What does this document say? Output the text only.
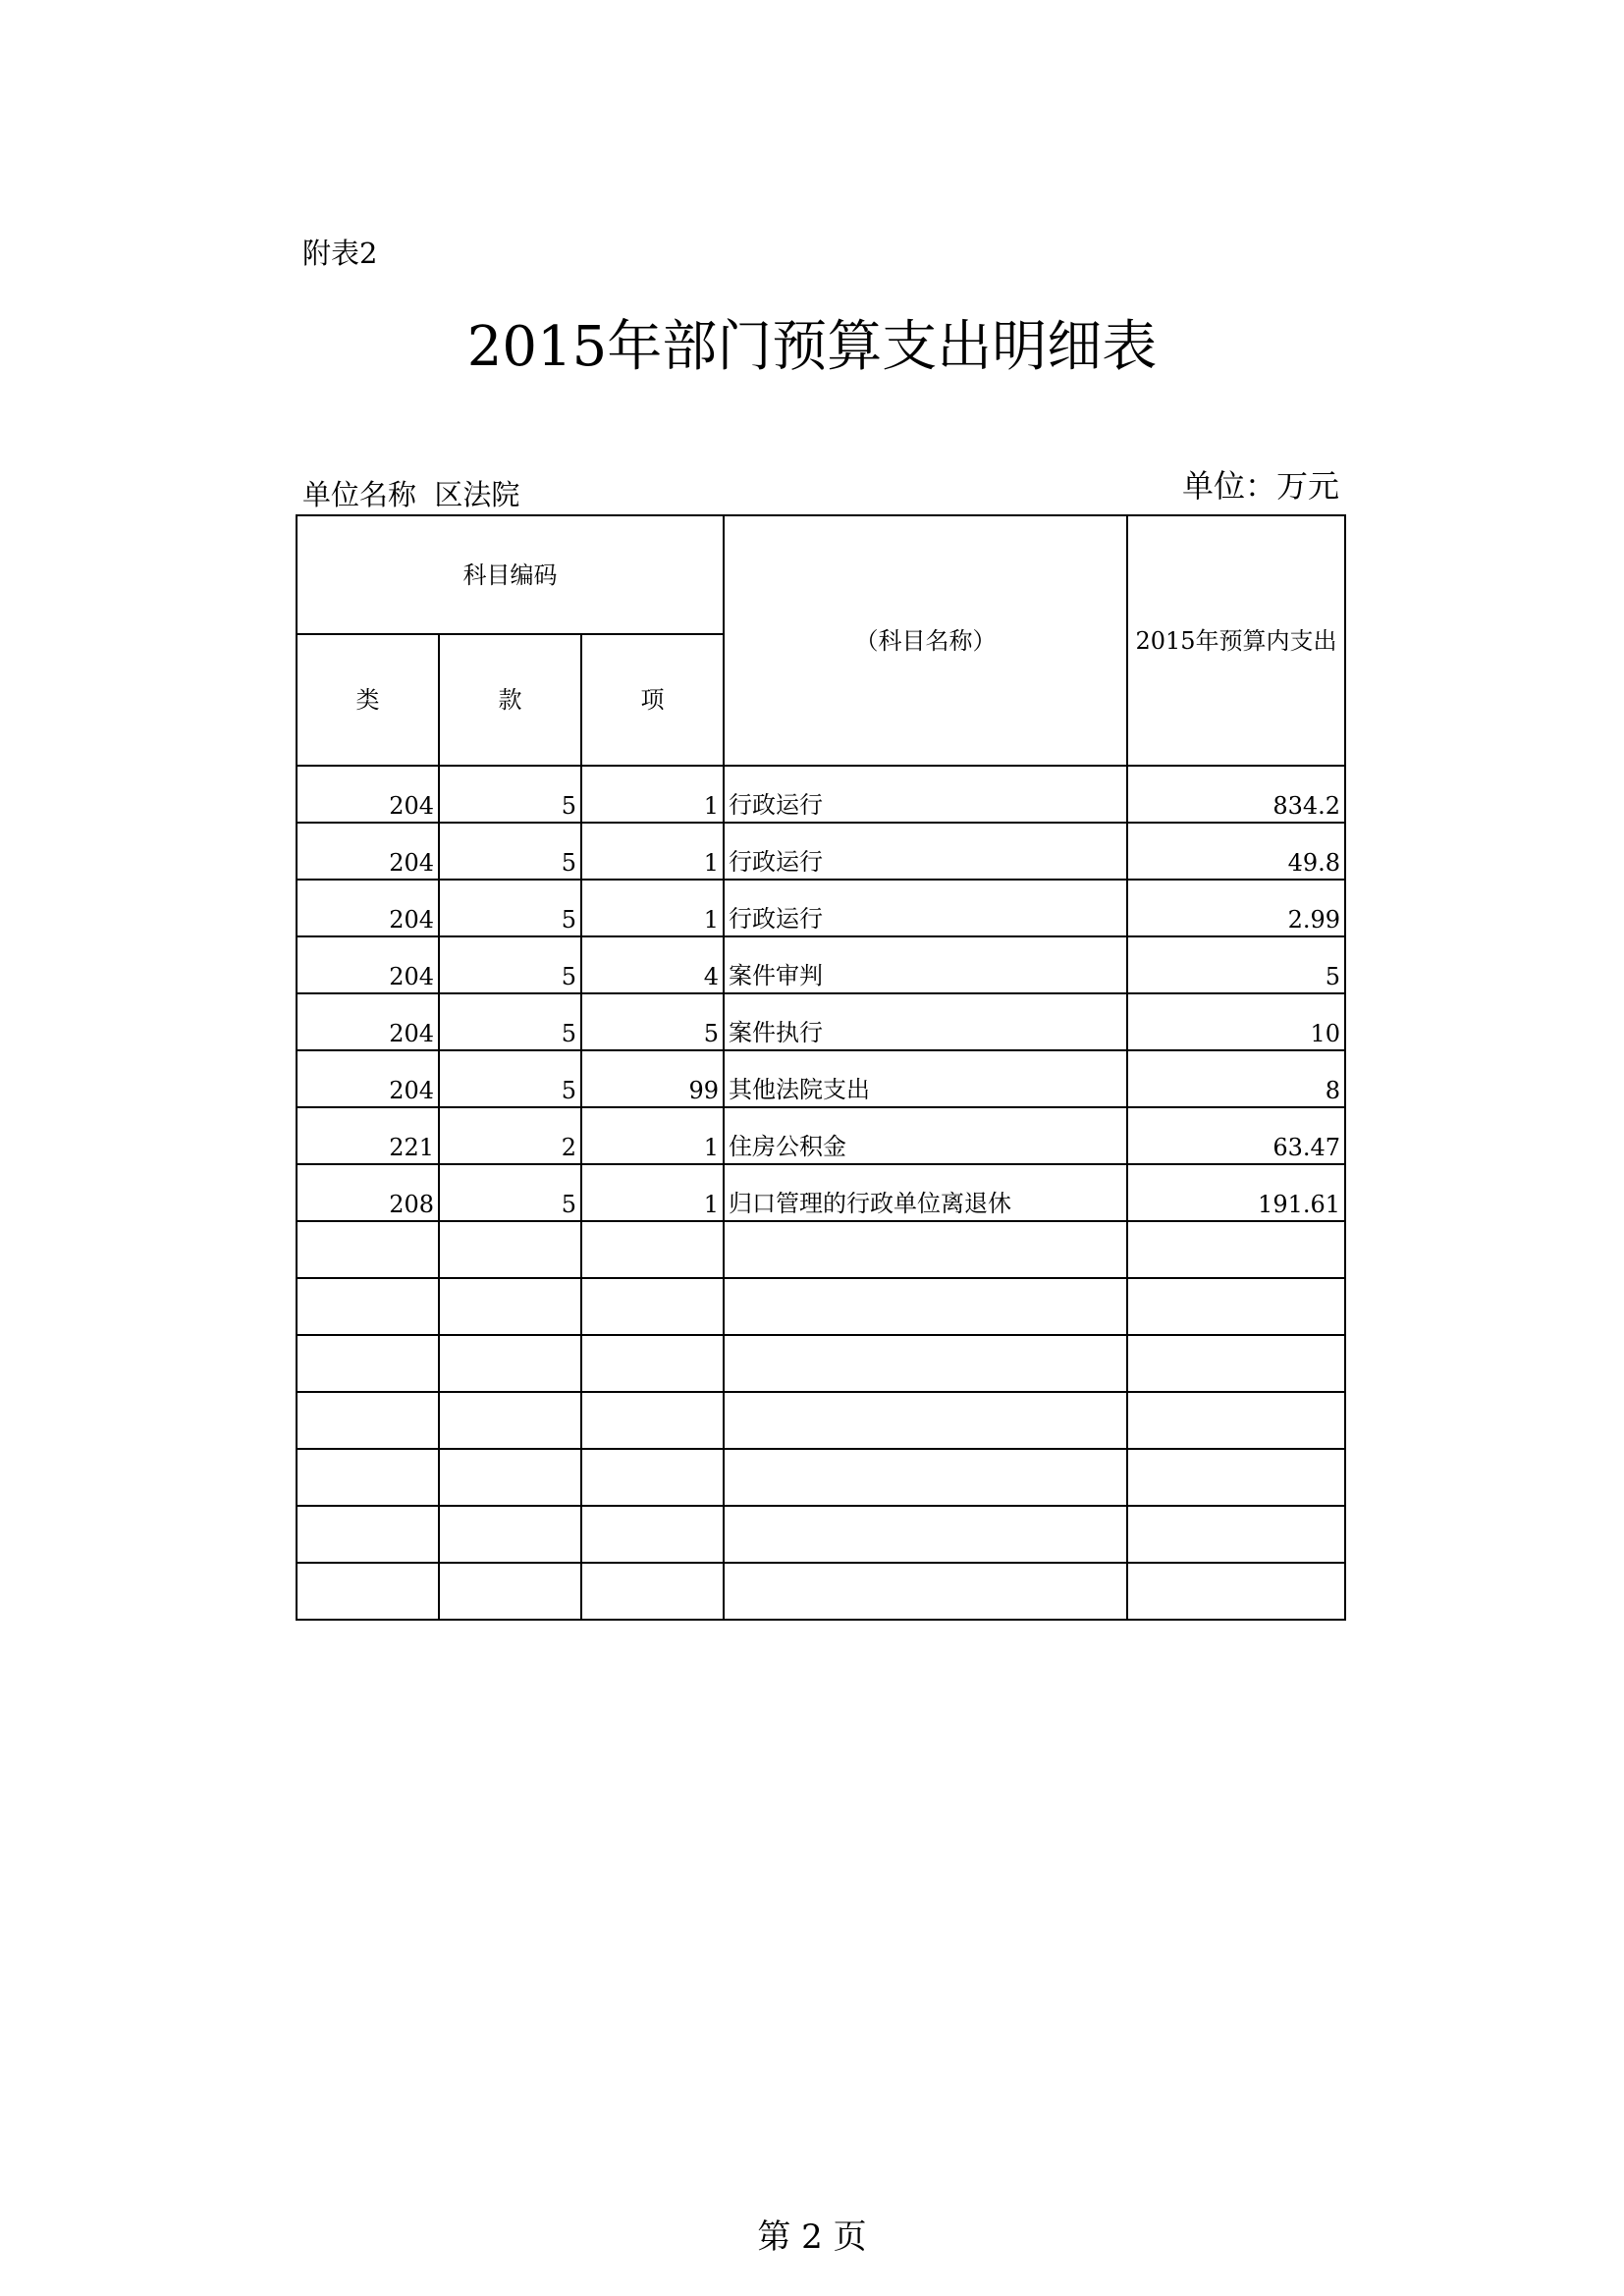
附表2
2015年部门预算支出明细表
单位名称  区法院	单位：万元
科目编码			（科目名称）	2015年预算内支出
类	款	项		
204	5	1	行政运行	834.2
204	5	1	行政运行	49.8
204	5	1	行政运行	2.99
204	5	4	案件审判	5
204	5	5	案件执行	10
204	5	99	其他法院支出	8
221	2	1	住房公积金	63.47
208	5	1	归口管理的行政单位离退休	191.61

第 2 页
